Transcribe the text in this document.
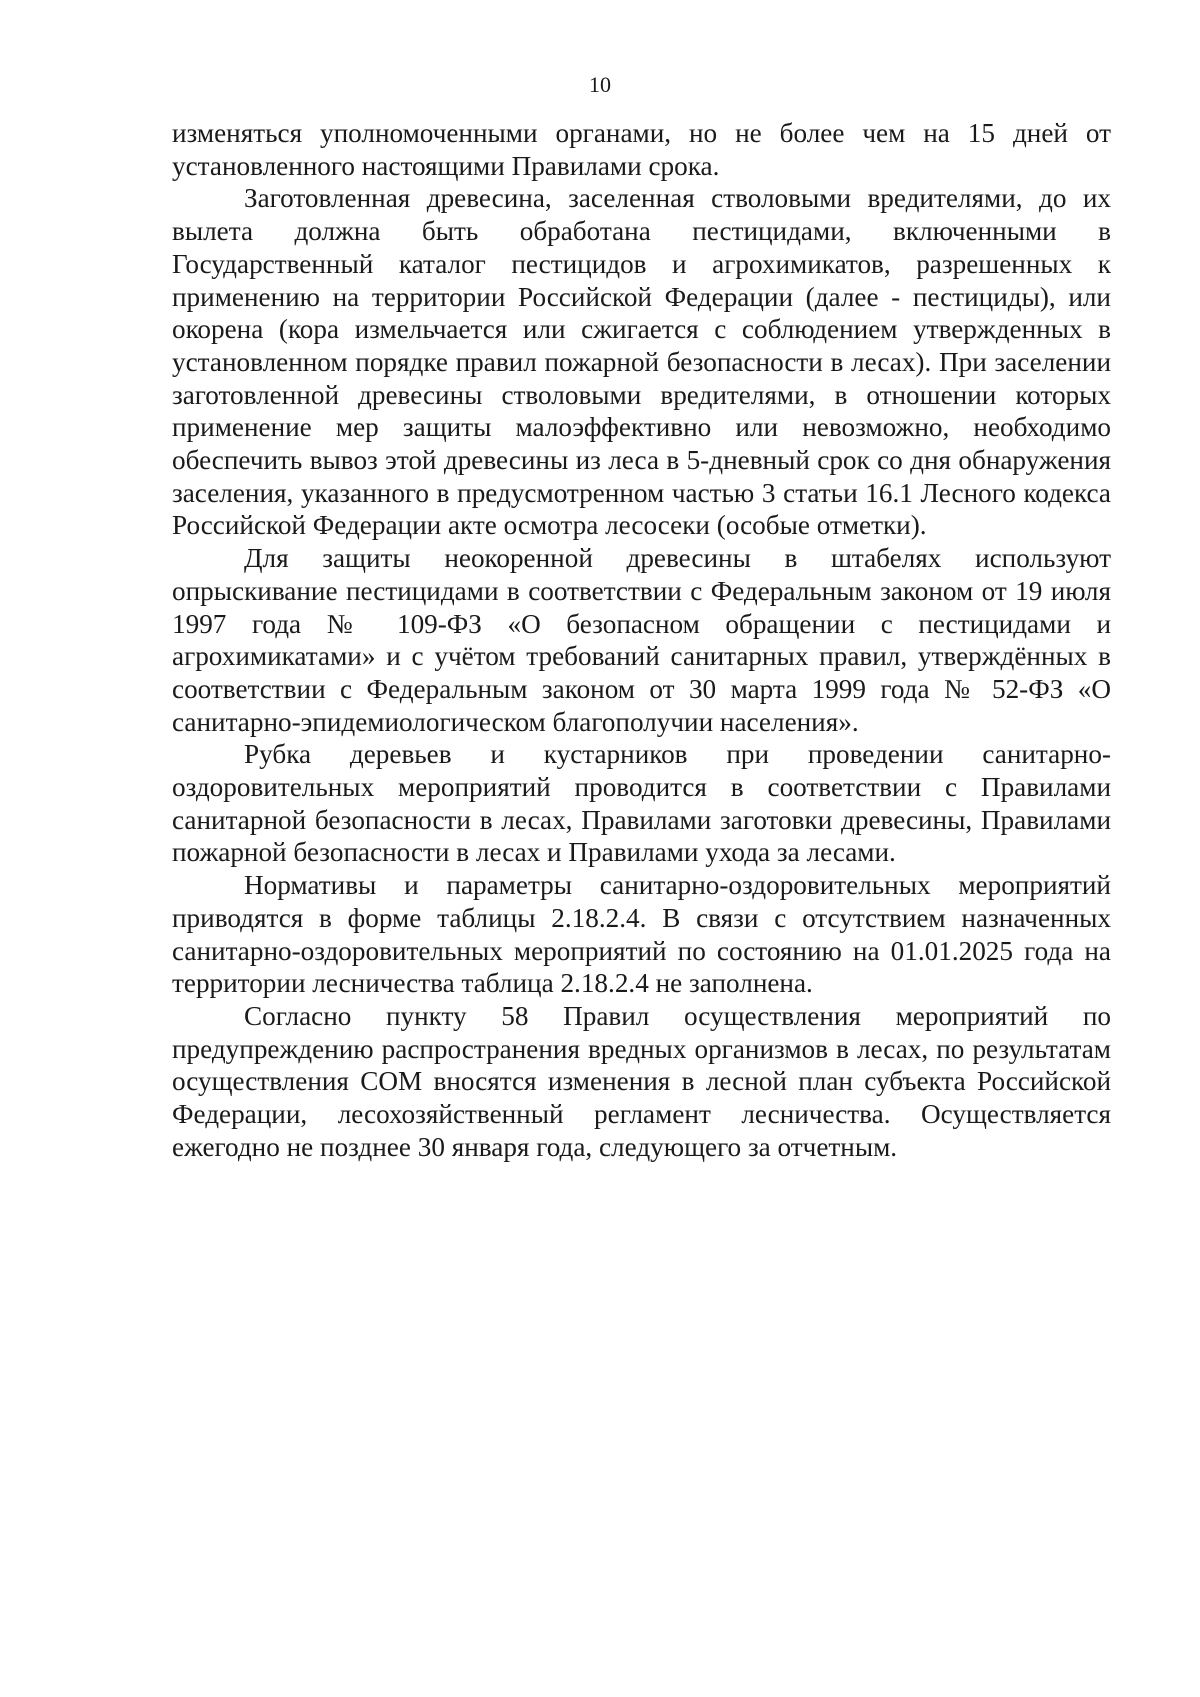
10

изменяться уполномоченными органами, но не более чем на 15 дней от установленного настоящими Правилами срока.

Заготовленная древесина, заселенная стволовыми вредителями, до их вылета должна быть обработана пестицидами, включенными в Государственный каталог пестицидов и агрохимикатов, разрешенных к применению на территории Российской Федерации (далее - пестициды), или окорена (кора измельчается или сжигается с соблюдением утвержденных в установленном порядке правил пожарной безопасности в лесах). При заселении заготовленной древесины стволовыми вредителями, в отношении которых применение мер защиты малоэффективно или невозможно, необходимо обеспечить вывоз этой древесины из леса в 5-дневный срок со дня обнаружения заселения, указанного в предусмотренном частью 3 статьи 16.1 Лесного кодекса Российской Федерации акте осмотра лесосеки (особые отметки).

Для защиты неокоренной древесины в штабелях используют опрыскивание пестицидами в соответствии с Федеральным законом от 19 июля 1997 года № 109-ФЗ «О безопасном обращении с пестицидами и агрохимикатами» и с учётом требований санитарных правил, утверждённых в соответствии с Федеральным законом от 30 марта 1999 года № 52-ФЗ «О санитарно-эпидемиологическом благополучии населения».

Рубка деревьев и кустарников при проведении санитарно-оздоровительных мероприятий проводится в соответствии с Правилами санитарной безопасности в лесах, Правилами заготовки древесины, Правилами пожарной безопасности в лесах и Правилами ухода за лесами.

Нормативы и параметры санитарно-оздоровительных мероприятий приводятся в форме таблицы 2.18.2.4. В связи с отсутствием назначенных санитарно-оздоровительных мероприятий по состоянию на 01.01.2025 года на территории лесничества таблица 2.18.2.4 не заполнена.

Согласно пункту 58 Правил осуществления мероприятий по предупреждению распространения вредных организмов в лесах, по результатам осуществления СОМ вносятся изменения в лесной план субъекта Российской Федерации, лесохозяйственный регламент лесничества. Осуществляется ежегодно не позднее 30 января года, следующего за отчетным.
